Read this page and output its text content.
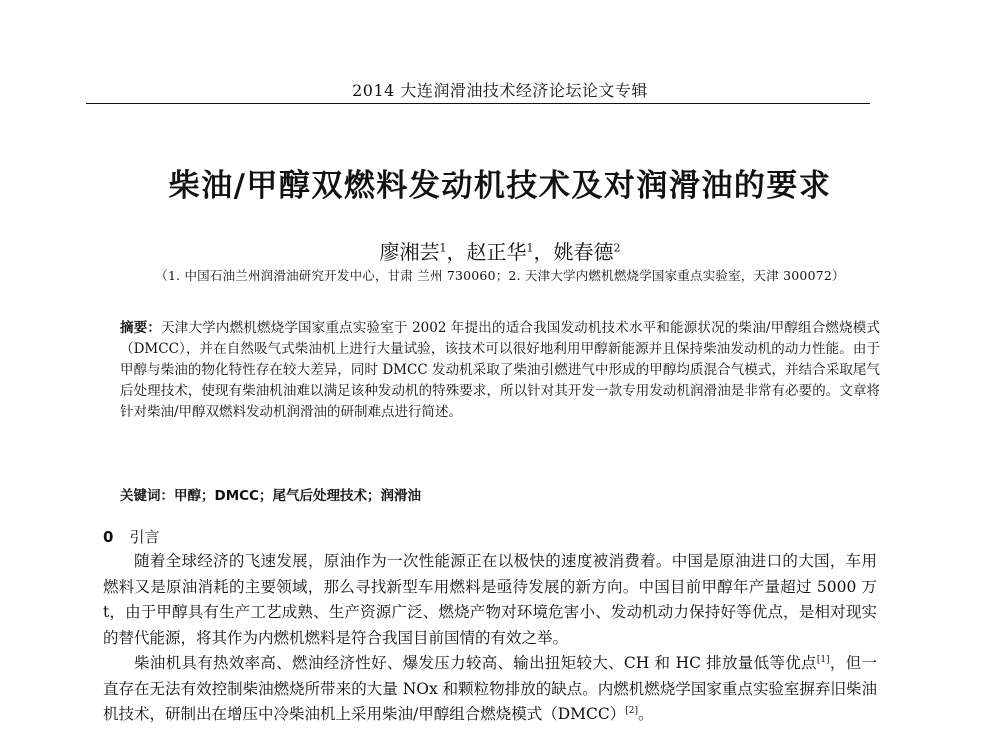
2014 大连润滑油技术经济论坛论文专辑
柴油/甲醇双燃料发动机技术及对润滑油的要求
廖湘芸$^1$，赵正华$^1$，姚春德$^2$
（1. 中国石油兰州润滑油研究开发中心，甘肃 兰州 730060；2. 天津大学内燃机燃烧学国家重点实验室，天津 300072）
摘要：天津大学内燃机燃烧学国家重点实验室于 2002 年提出的适合我国发动机技术水平和能源状况的柴油/甲醇组合燃烧模式（DMCC），并在自然吸气式柴油机上进行大量试验，该技术可以很好地利用甲醇新能源并且保持柴油发动机的动力性能。由于甲醇与柴油的物化特性存在较大差异，同时 DMCC 发动机采取了柴油引燃进气中形成的甲醇均质混合气模式，并结合采取尾气后处理技术，使现有柴油机油难以满足该种发动机的特殊要求，所以针对其开发一款专用发动机润滑油是非常有必要的。文章将针对柴油/甲醇双燃料发动机润滑油的研制难点进行简述。
关键词：甲醇；DMCC；尾气后处理技术；润滑油
0 引言

随着全球经济的飞速发展，原油作为一次性能源正在以极快的速度被消费着。中国是原油进口的大国，车用燃料又是原油消耗的主要领域，那么寻找新型车用燃料是亟待发展的新方向。中国目前甲醇年产量超过 5000 万 t，由于甲醇具有生产工艺成熟、生产资源广泛、燃烧产物对环境危害小、发动机动力保持好等优点，是相对现实的替代能源，将其作为内燃机燃料是符合我国目前国情的有效之举。

柴油机具有热效率高、燃油经济性好、爆发压力较高、输出扭矩较大、CH 和 HC 排放量低等优点[1]，但一直存在无法有效控制柴油燃烧所带来的大量 NOx 和颗粒物排放的缺点。内燃机燃烧学国家重点实验室摒弃旧柴油机技术，研制出在增压中冷柴油机上采用柴油/甲醇组合燃烧模式（DMCC）[2]。
